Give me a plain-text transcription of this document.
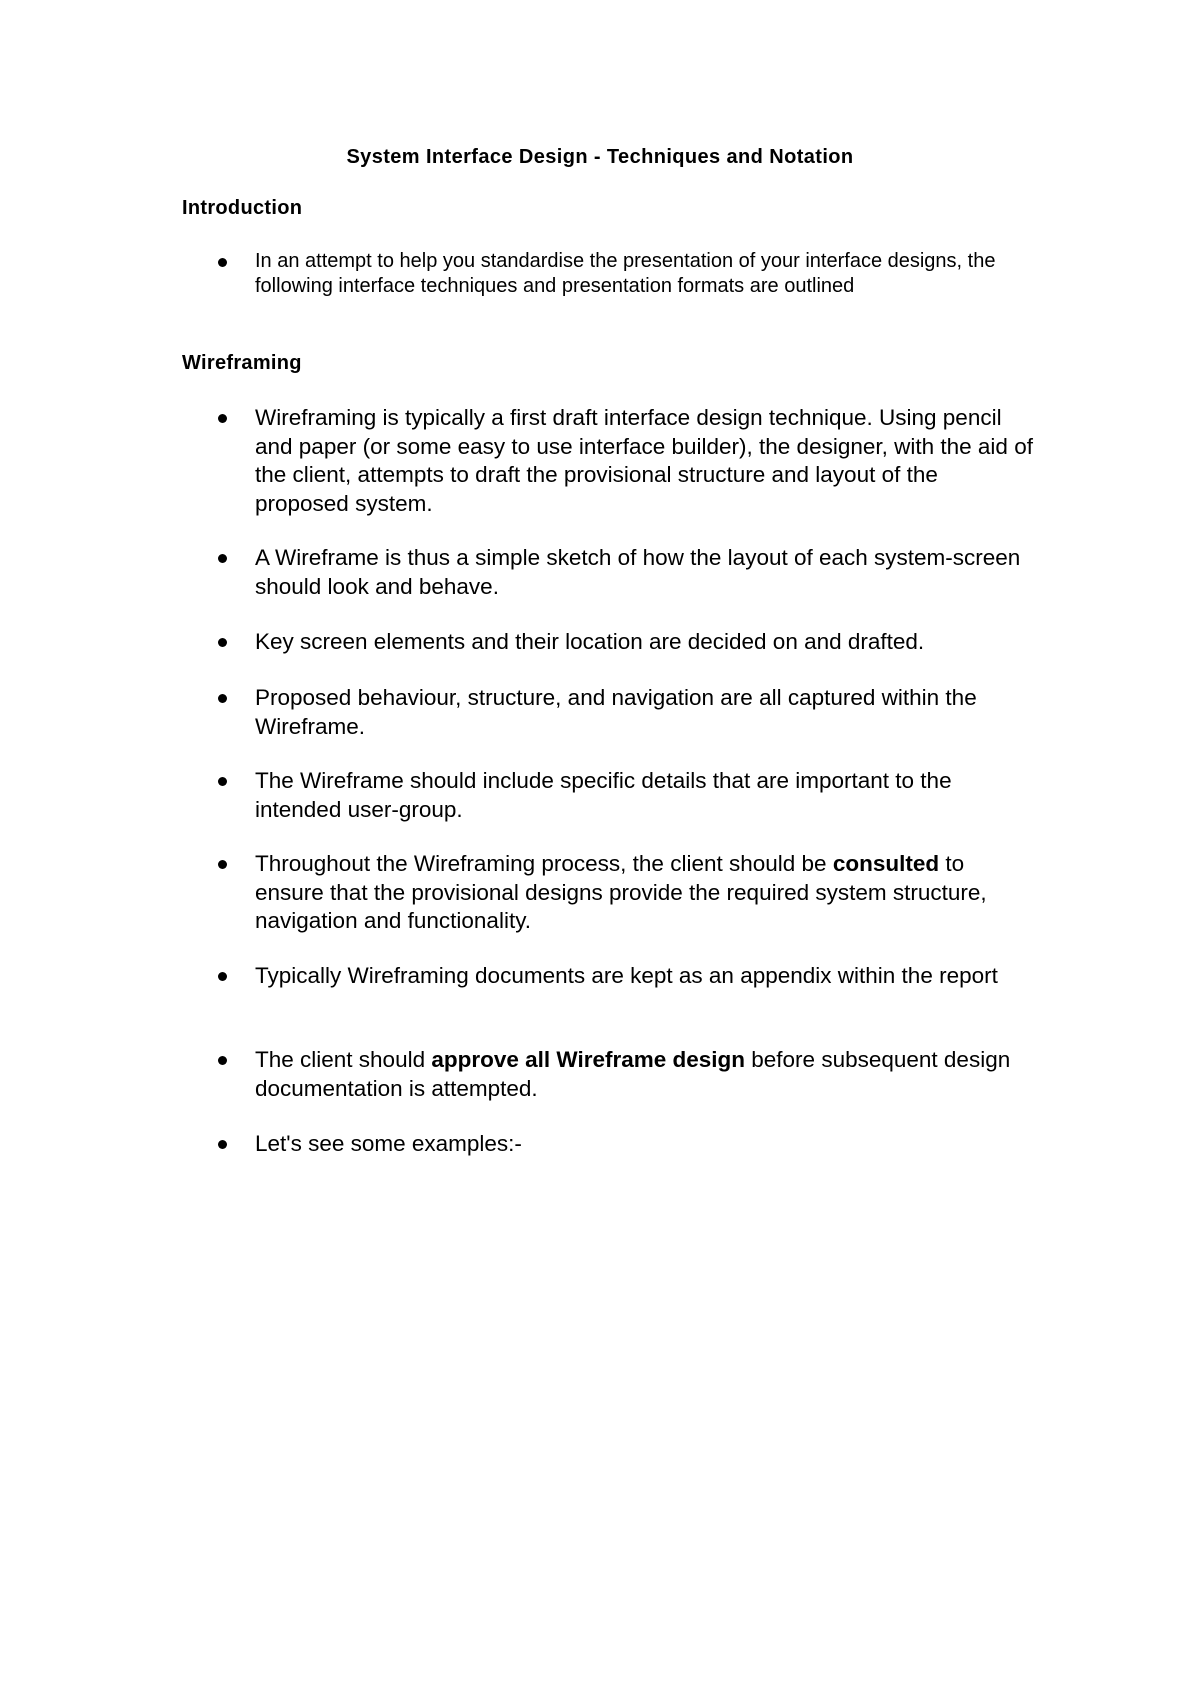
System Interface Design - Techniques and Notation
Introduction

In an attempt to help you standardise the presentation of your interface designs, the following interface techniques and presentation formats are outlined

Wireframing

Wireframing is typically a first draft interface design technique. Using pencil and paper (or some easy to use interface builder), the designer, with the aid of the client, attempts to draft the provisional structure and layout of the proposed system.

A Wireframe is thus a simple sketch of how the layout of each system-screen should look and behave.

Key screen elements and their location are decided on and drafted.

Proposed behaviour, structure, and navigation are all captured within the Wireframe.

The Wireframe should include specific details that are important to the intended user-group.

Throughout the Wireframing process, the client should be consulted to ensure that the provisional designs provide the required system structure, navigation and functionality.

Typically Wireframing documents are kept as an appendix within the report

The client should approve all Wireframe design before subsequent design documentation is attempted.

Let's see some examples:-
